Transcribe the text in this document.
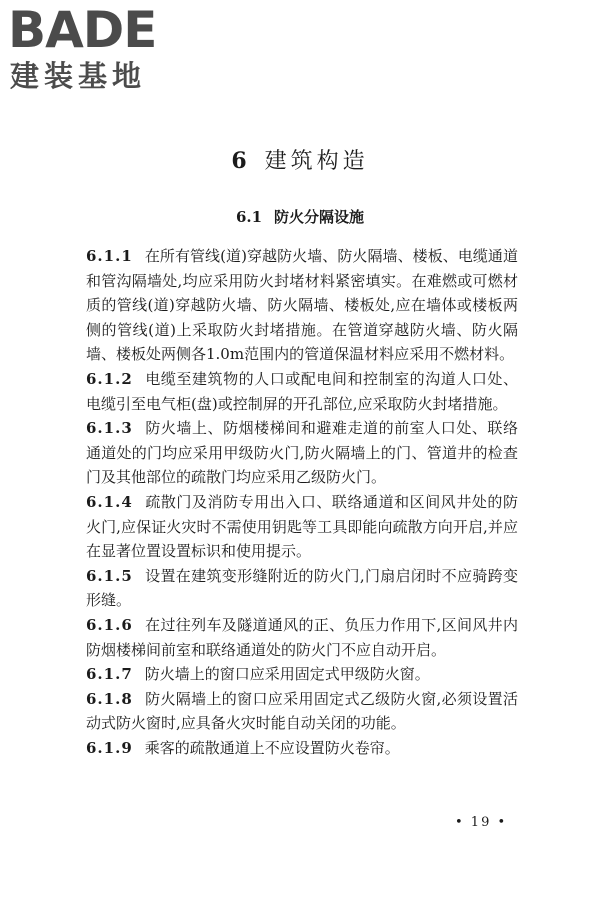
BADE
建装基地
6 建筑构造
6.1 防火分隔设施

6.1.1 在所有管线(道)穿越防火墙、防火隔墙、楼板、电缆通道和管沟隔墙处,均应采用防火封堵材料紧密填实。在难燃或可燃材质的管线(道)穿越防火墙、防火隔墙、楼板处,应在墙体或楼板两侧的管线(道)上采取防火封堵措施。在管道穿越防火墙、防火隔墙、楼板处两侧各1.0m范围内的管道保温材料应采用不燃材料。

6.1.2 电缆至建筑物的人口或配电间和控制室的沟道人口处、电缆引至电气柜(盘)或控制屏的开孔部位,应采取防火封堵措施。

6.1.3 防火墙上、防烟楼梯间和避难走道的前室人口处、联络通道处的门均应采用甲级防火门,防火隔墙上的门、管道井的检查门及其他部位的疏散门均应采用乙级防火门。

6.1.4 疏散门及消防专用出入口、联络通道和区间风井处的防火门,应保证火灾时不需使用钥匙等工具即能向疏散方向开启,并应在显著位置设置标识和使用提示。

6.1.5 设置在建筑变形缝附近的防火门,门扇启闭时不应骑跨变形缝。

6.1.6 在过往列车及隧道通风的正、负压力作用下,区间风井内防烟楼梯间前室和联络通道处的防火门不应自动开启。

6.1.7 防火墙上的窗口应采用固定式甲级防火窗。

6.1.8 防火隔墙上的窗口应采用固定式乙级防火窗,必须设置活动式防火窗时,应具备火灾时能自动关闭的功能。

6.1.9 乘客的疏散通道上不应设置防火卷帘。

• 19 •
